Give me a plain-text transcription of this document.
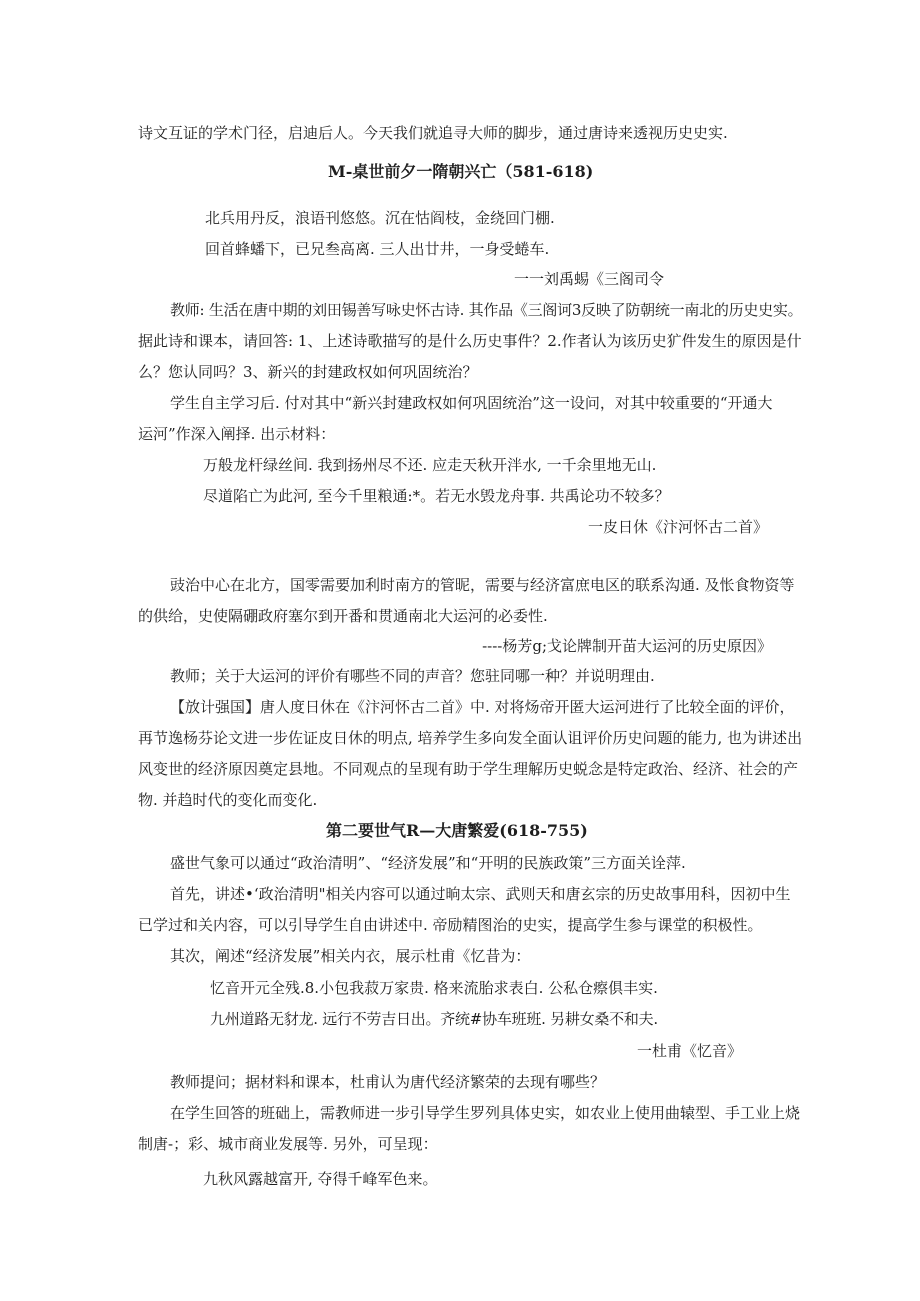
诗文互证的学术门径，启迪后人。今天我们就追寻大师的脚步，通过唐诗来透视历史史实.
M-桌世前夕一隋朝兴亡（581-618)
北兵用丹反，浪语刊悠悠。沉在怙阎枝，金绕回门棚.
回首蜂蟠下，已兄叁高离. 三人出廿井，一身受蜷车.
一一刘禹蜴《三阁司令
教师: 生活在唐中期的刘田锡善写咏史怀古诗. 其作品《三阁诃3反映了防朝统一南北的历史史实。
据此诗和课本，请回答: 1、上述诗歌描写的是什么历史事件？2.作者认为该历史犷件发生的原因是什
么？您认同吗？3、新兴的封建政权如何巩固统治？
学生自主学习后. 付对其中“新兴封建政权如何巩固统治”这一设问，对其中较重要的“开通大
运河”作深入阐择. 出示材料：
万般龙杆绿丝间. 我到扬州尽不还. 应走天秋开泮水, 一千余里地无山.
尽道陷亡为此河, 至今千里粮通:*。若无水毁龙舟事. 共禹论功不较多？
一皮日休《汴河怀古二首》
豉治中心在北方，国零需要加利时南方的管昵，需要与经济富庶电区的联系沟通. 及怅食物资等
的供给，史使隔硼政府塞尔到开番和贯通南北大运河的必委性.
----杨芳g;戈论牌制开苗大运河的历史原因》
教师；关于大运河的评价有哪些不同的声音？您驻同哪一种？并说明理由.
【放计强国】唐人度日休在《汴河怀古二首》中. 对将炀帝开匿大运河进行了比较全面的评价，
再节逸杨芬论文进一步佐证皮日休的明点, 培养学生多向发全面认诅评价历史问题的能力, 也为讲述出
风变世的经济原因奠定县地。不同观点的呈现有助于学生理解历史蜕念是特定政治、经济、社会的产
物. 并趋时代的变化而变化.
第二要世气R—大唐繁爱(618-755)
盛世气象可以通过“政治清明”、“经济发展”和“开明的民族政策”三方面关诠萍.
首先，讲述•‘政治清明"相关内容可以通过晌太宗、武则天和唐玄宗的历史故事用科，因初中生
已学过和关内容，可以引导学生自由讲述中. 帝励精图治的史实，提高学生参与课堂的积极性。
其次，阐述“经济发展”相关内衣，展示杜甫《忆昔为：
忆音开元全残.8.小包我菽万家贵. 格来流胎求表白. 公私仓瘵俱丰实.
九州道路无豺龙. 远行不劳吉日出。齐统#协车班班. 另耕女桑不和夫.
一杜甫《忆音》
教师提问；据材料和课本，杜甫认为唐代经济繁荣的去现有哪些？
在学生回答的班础上，需教师进一步引导学生罗列具体史实，如农业上使用曲辕型、手工业上烧
制唐-；彩、城市商业发展等. 另外，可呈现：
九秋风露越富开, 夺得千峰军色来。
